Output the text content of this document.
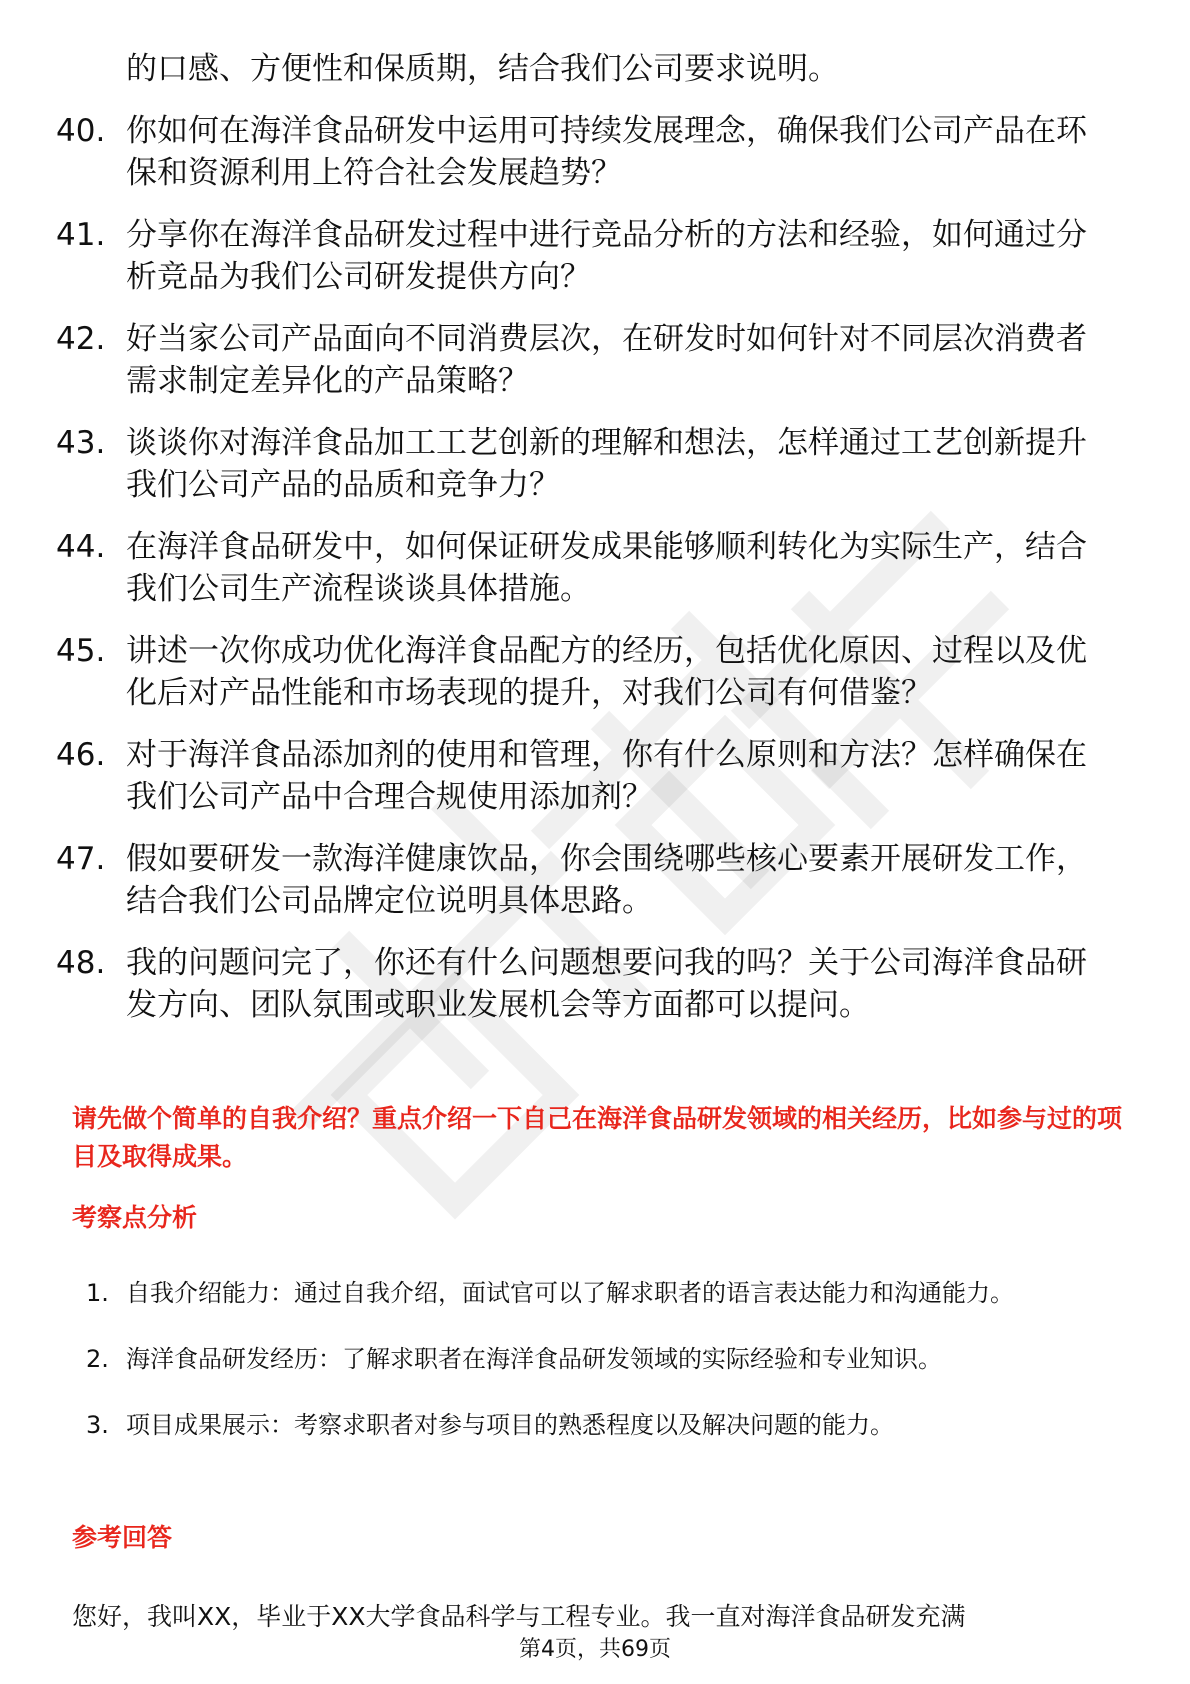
的口感、方便性和保质期，结合我们公司要求说明。
40. 你如何在海洋食品研发中运用可持续发展理念，确保我们公司产品在环保和资源利用上符合社会发展趋势？
41. 分享你在海洋食品研发过程中进行竞品分析的方法和经验，如何通过分析竞品为我们公司研发提供方向？
42. 好当家公司产品面向不同消费层次，在研发时如何针对不同层次消费者需求制定差异化的产品策略？
43. 谈谈你对海洋食品加工工艺创新的理解和想法，怎样通过工艺创新提升我们公司产品的品质和竞争力？
44. 在海洋食品研发中，如何保证研发成果能够顺利转化为实际生产，结合我们公司生产流程谈谈具体措施。
45. 讲述一次你成功优化海洋食品配方的经历，包括优化原因、过程以及优化后对产品性能和市场表现的提升，对我们公司有何借鉴？
46. 对于海洋食品添加剂的使用和管理，你有什么原则和方法？怎样确保在我们公司产品中合理合规使用添加剂？
47. 假如要研发一款海洋健康饮品，你会围绕哪些核心要素开展研发工作，结合我们公司品牌定位说明具体思路。
48. 我的问题问完了，你还有什么问题想要问我的吗？关于公司海洋食品研发方向、团队氛围或职业发展机会等方面都可以提问。
请先做个简单的自我介绍？重点介绍一下自己在海洋食品研发领域的相关经历，比如参与过的项目及取得成果。
考察点分析
1. 自我介绍能力：通过自我介绍，面试官可以了解求职者的语言表达能力和沟通能力。
2. 海洋食品研发经历：了解求职者在海洋食品研发领域的实际经验和专业知识。
3. 项目成果展示：考察求职者对参与项目的熟悉程度以及解决问题的能力。
参考回答
您好，我叫XX，毕业于XX大学食品科学与工程专业。我一直对海洋食品研发充满
第4页，共69页
